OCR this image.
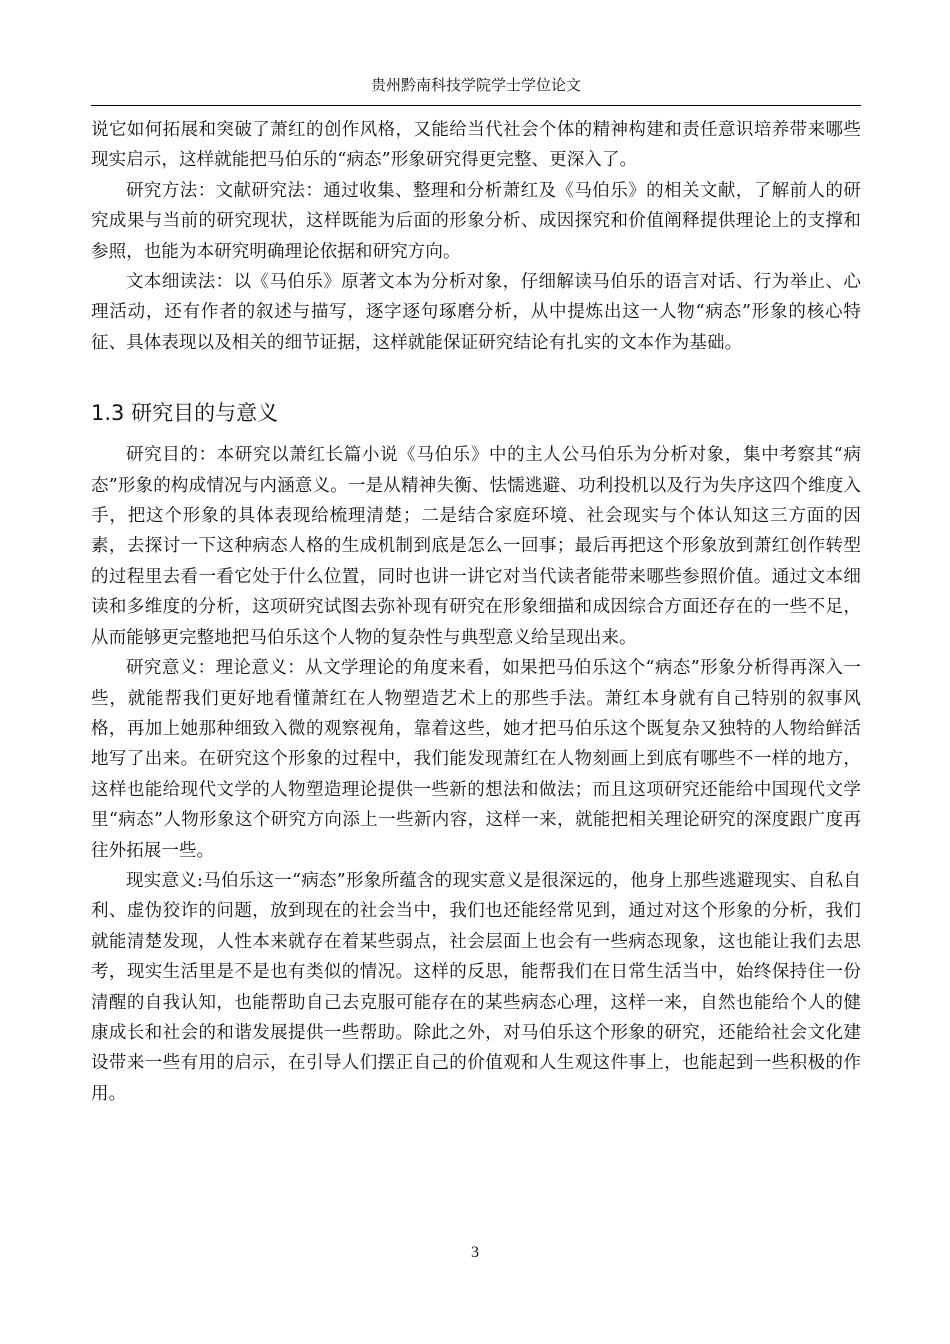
贵州黔南科技学院学士学位论文

说它如何拓展和突破了萧红的创作风格，又能给当代社会个体的精神构建和责任意识培养带来哪些现实启示，这样就能把马伯乐的“病态”形象研究得更完整、更深入了。

研究方法：文献研究法：通过收集、整理和分析萧红及《马伯乐》的相关文献，了解前人的研究成果与当前的研究现状，这样既能为后面的形象分析、成因探究和价值阐释提供理论上的支撑和参照，也能为本研究明确理论依据和研究方向。

文本细读法：以《马伯乐》原著文本为分析对象，仔细解读马伯乐的语言对话、行为举止、心理活动，还有作者的叙述与描写，逐字逐句琢磨分析，从中提炼出这一人物“病态”形象的核心特征、具体表现以及相关的细节证据，这样就能保证研究结论有扎实的文本作为基础。

1.3 研究目的与意义

研究目的：本研究以萧红长篇小说《马伯乐》中的主人公马伯乐为分析对象，集中考察其“病态”形象的构成情况与内涵意义。一是从精神失衡、怯懦逃避、功利投机以及行为失序这四个维度入手，把这个形象的具体表现给梳理清楚；二是结合家庭环境、社会现实与个体认知这三方面的因素，去探讨一下这种病态人格的生成机制到底是怎么一回事；最后再把这个形象放到萧红创作转型的过程里去看一看它处于什么位置，同时也讲一讲它对当代读者能带来哪些参照价值。通过文本细读和多维度的分析，这项研究试图去弥补现有研究在形象细描和成因综合方面还存在的一些不足，从而能够更完整地把马伯乐这个人物的复杂性与典型意义给呈现出来。

研究意义：理论意义：从文学理论的角度来看，如果把马伯乐这个“病态”形象分析得再深入一些，就能帮我们更好地看懂萧红在人物塑造艺术上的那些手法。萧红本身就有自己特别的叙事风格，再加上她那种细致入微的观察视角，靠着这些，她才把马伯乐这个既复杂又独特的人物给鲜活地写了出来。在研究这个形象的过程中，我们能发现萧红在人物刻画上到底有哪些不一样的地方，这样也能给现代文学的人物塑造理论提供一些新的想法和做法；而且这项研究还能给中国现代文学里“病态”人物形象这个研究方向添上一些新内容，这样一来，就能把相关理论研究的深度跟广度再往外拓展一些。

现实意义:马伯乐这一“病态”形象所蕴含的现实意义是很深远的，他身上那些逃避现实、自私自利、虚伪狡诈的问题，放到现在的社会当中，我们也还能经常见到，通过对这个形象的分析，我们就能清楚发现，人性本来就存在着某些弱点，社会层面上也会有一些病态现象，这也能让我们去思考，现实生活里是不是也有类似的情况。这样的反思，能帮我们在日常生活当中，始终保持住一份清醒的自我认知，也能帮助自己去克服可能存在的某些病态心理，这样一来，自然也能给个人的健康成长和社会的和谐发展提供一些帮助。除此之外，对马伯乐这个形象的研究，还能给社会文化建设带来一些有用的启示，在引导人们摆正自己的价值观和人生观这件事上，也能起到一些积极的作用。

3
